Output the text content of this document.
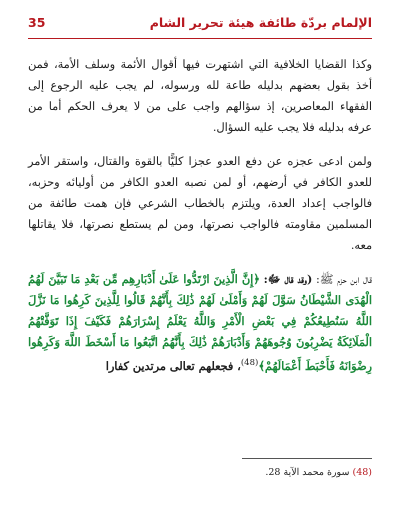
الإلمام بردّة طائفة هيئة تحرير الشام
35

وكذا القضايا الخلافية التي اشتهرت فيها أقوال الأئمة وسلف الأمة، فمن أخذ بقول بعضهم بدليله طاعة لله ورسوله، لم يجب عليه الرجوع إلى الفقهاء المعاصرين، إذ سؤالهم واجب على من لا يعرف الحكم أما من عرفه بدليله فلا يجب عليه السؤال.

ولمن ادعى عجزه عن دفع العدو عجزا كليًّا بالقوة والقتال، واستقر الأمر للعدو الكافر في أرضهم، أو لمن نصبه العدو الكافر من أوليائه وحزبه، فالواجب إعداد العدة، ويلتزم بالخطاب الشرعي فإن همت طائفة من المسلمين مقاومته فالواجب نصرتها، ومن لم يستطع نصرتها، فلا يقاتلها معه.

قال ابن حزم ﷺ: (وقد قال ﷻ: ﴿إِنَّ الَّذِينَ ارْتَدُّوا عَلَىٰ أَدْبَارِهِم مِّن بَعْدِ مَا تَبَيَّنَ لَهُمُ الْهُدَى الشَّيْطَانُ سَوَّلَ لَهُمْ وَأَمْلَىٰ لَهُمْ ذَٰلِكَ بِأَنَّهُمْ قَالُوا لِلَّذِينَ كَرِهُوا مَا نَزَّلَ اللَّهُ سَنُطِيعُكُمْ فِي بَعْضِ الْأَمْرِ وَاللَّهُ يَعْلَمُ إِسْرَارَهُمْ فَكَيْفَ إِذَا تَوَفَّتْهُمُ الْمَلَائِكَةُ يَضْرِبُونَ وُجُوهَهُمْ وَأَدْبَارَهُمْ ذَٰلِكَ بِأَنَّهُمُ اتَّبَعُوا مَا أَسْخَطَ اللَّهَ وَكَرِهُوا رِضْوَانَهُ فَأَحْبَطَ أَعْمَالَهُمْ﴾$^{(48)}$، فجعلهم تعالى مرتدين كفارا

(48) سورة محمد الآية 28.
